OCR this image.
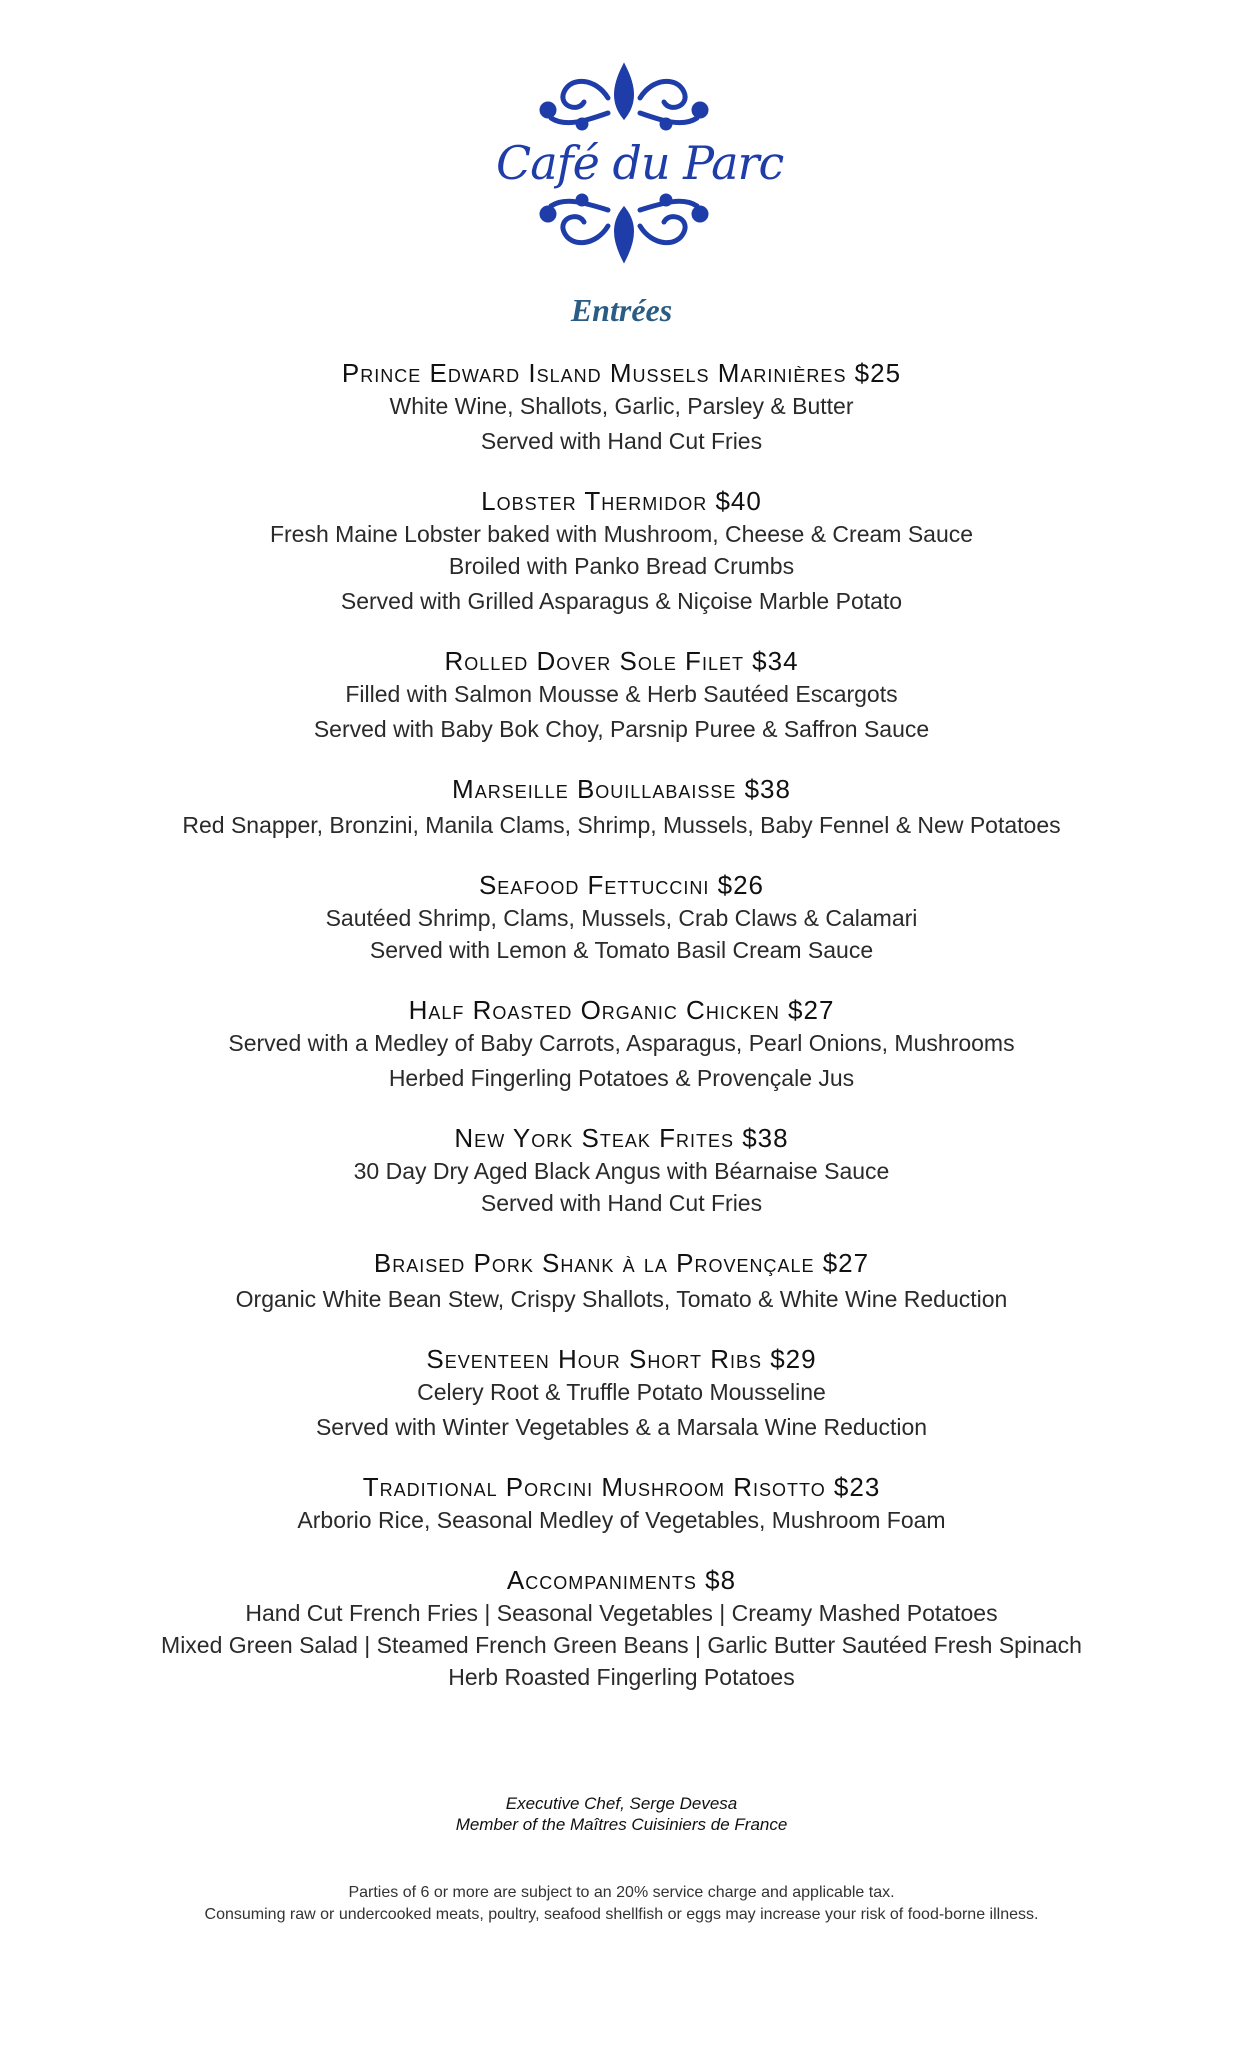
Café du Parc
Entrées
Prince Edward Island Mussels Marinières $25
White Wine, Shallots, Garlic, Parsley & Butter
Served with Hand Cut Fries
Lobster Thermidor $40
Fresh Maine Lobster baked with Mushroom, Cheese & Cream Sauce
Broiled with Panko Bread Crumbs
Served with Grilled Asparagus & Niçoise Marble Potato
Rolled Dover Sole Filet $34
Filled with Salmon Mousse & Herb Sautéed Escargots
Served with Baby Bok Choy, Parsnip Puree & Saffron Sauce
Marseille Bouillabaisse $38
Red Snapper, Bronzini, Manila Clams, Shrimp, Mussels, Baby Fennel & New Potatoes
Seafood Fettuccini $26
Sautéed Shrimp, Clams, Mussels, Crab Claws & Calamari
Served with Lemon & Tomato Basil Cream Sauce
Half Roasted Organic Chicken $27
Served with a Medley of Baby Carrots, Asparagus, Pearl Onions, Mushrooms
Herbed Fingerling Potatoes & Provençale Jus
New York Steak Frites $38
30 Day Dry Aged Black Angus with Béarnaise Sauce
Served with Hand Cut Fries
Braised Pork Shank à la Provençale $27
Organic White Bean Stew, Crispy Shallots, Tomato & White Wine Reduction
Seventeen Hour Short Ribs $29
Celery Root & Truffle Potato Mousseline
Served with Winter Vegetables & a Marsala Wine Reduction
Traditional Porcini Mushroom Risotto $23
Arborio Rice, Seasonal Medley of Vegetables, Mushroom Foam
Accompaniments $8
Hand Cut French Fries | Seasonal Vegetables | Creamy Mashed Potatoes
Mixed Green Salad | Steamed French Green Beans | Garlic Butter Sautéed Fresh Spinach
Herb Roasted Fingerling Potatoes
Executive Chef, Serge Devesa
Member of the Maîtres Cuisiniers de France
Parties of 6 or more are subject to an 20% service charge and applicable tax.
Consuming raw or undercooked meats, poultry, seafood shellfish or eggs may increase your risk of food-borne illness.
